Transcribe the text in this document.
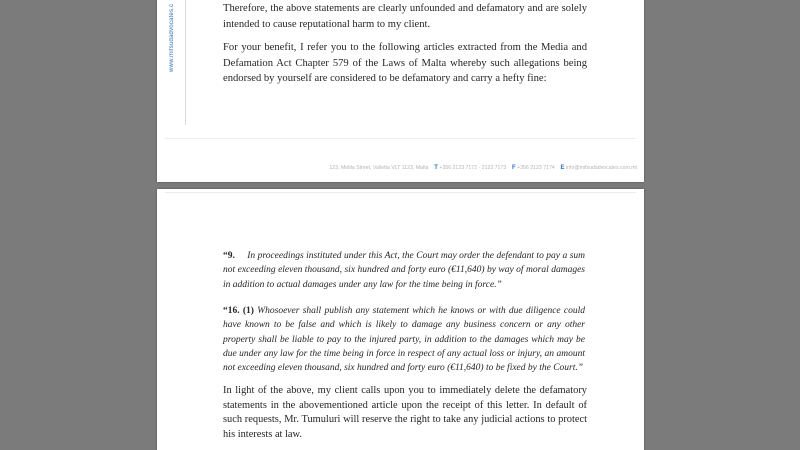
www.mifsudadvocates.c	Therefore, the above statements are clearly unfounded and defamatory and are solely intended to cause reputational harm to my client.

For your benefit, I refer you to the following articles extracted from the Media and Defamation Act Chapter 579 of the Laws of Malta whereby such allegations being endorsed by yourself are considered to be defamatory and carry a hefty fine:

123, Melita Street, Valletta VLT 1123, Malta T +356 2123 7172 · 2123 7173 F +356 2123 7174 E info@mifsudadvocates.com.mt

“9. In proceedings instituted under this Act, the Court may order the defendant to pay a sum not exceeding eleven thousand, six hundred and forty euro (€11,640) by way of moral damages in addition to actual damages under any law for the time being in force.”

“16. (1) Whosoever shall publish any statement which he knows or with due diligence could have known to be false and which is likely to damage any business concern or any other property shall be liable to pay to the injured party, in addition to the damages which may be due under any law for the time being in force in respect of any actual loss or injury, an amount not exceeding eleven thousand, six hundred and forty euro (€11,640) to be fixed by the Court.”

In light of the above, my client calls upon you to immediately delete the defamatory statements in the abovementioned article upon the receipt of this letter. In default of such requests, Mr. Tumuluri will reserve the right to take any judicial actions to protect his interests at law.
